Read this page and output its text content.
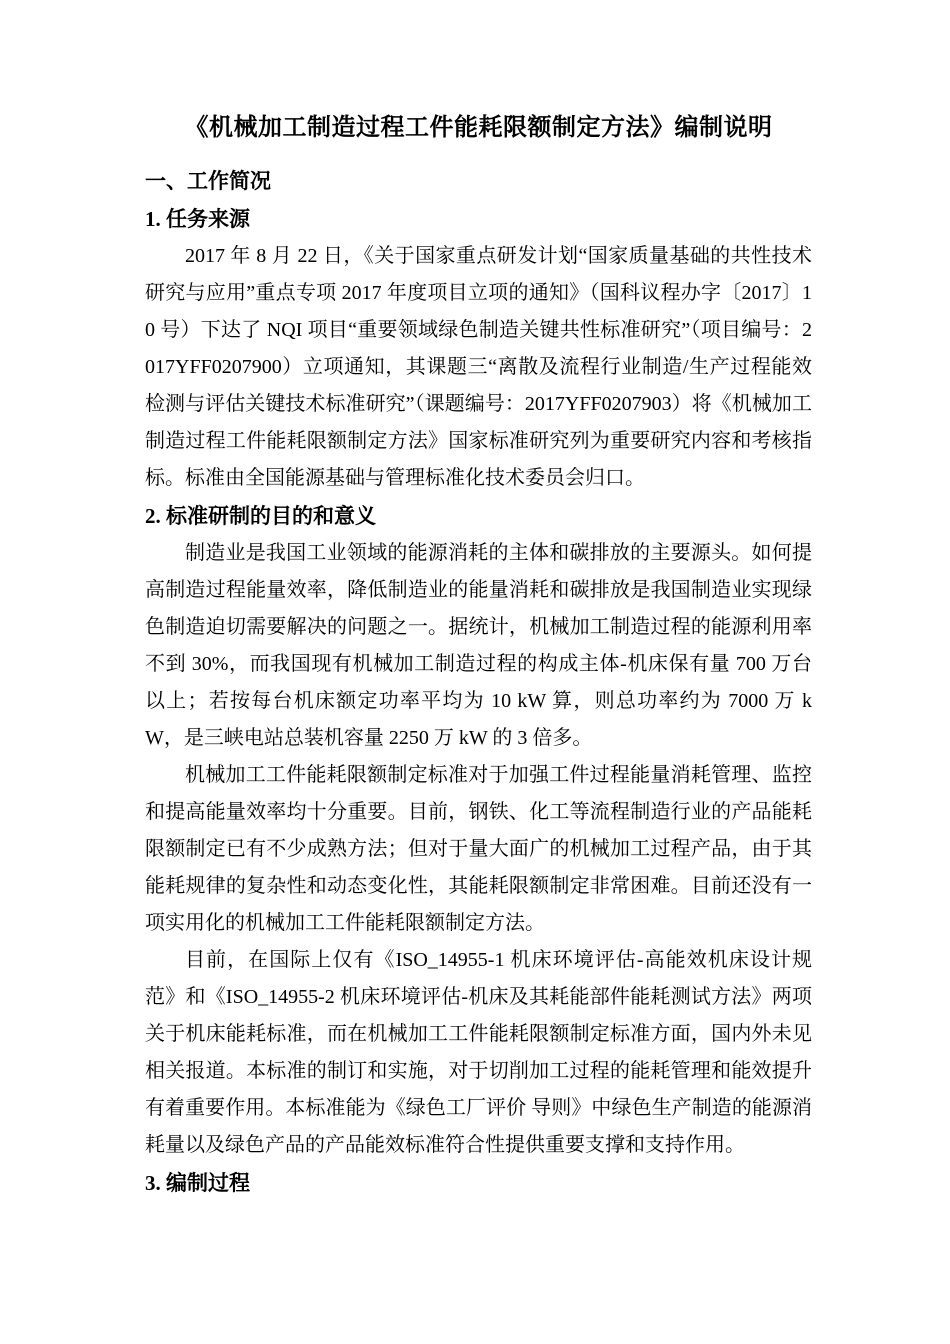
《机械加工制造过程工件能耗限额制定方法》编制说明
一、工作简况
1. 任务来源

2017 年 8 月 22 日，《关于国家重点研发计划“国家质量基础的共性技术研究与应用”重点专项 2017 年度项目立项的通知》（国科议程办字〔2017〕10 号）下达了 NQI 项目“重要领域绿色制造关键共性标准研究”（项目编号：2017YFF0207900）立项通知，其课题三“离散及流程行业制造/生产过程能效检测与评估关键技术标准研究”（课题编号：2017YFF0207903）将《机械加工制造过程工件能耗限额制定方法》国家标准研究列为重要研究内容和考核指标。标准由全国能源基础与管理标准化技术委员会归口。

2. 标准研制的目的和意义

制造业是我国工业领域的能源消耗的主体和碳排放的主要源头。如何提高制造过程能量效率，降低制造业的能量消耗和碳排放是我国制造业实现绿色制造迫切需要解决的问题之一。据统计，机械加工制造过程的能源利用率不到 30%，而我国现有机械加工制造过程的构成主体-机床保有量 700 万台以上；若按每台机床额定功率平均为 10 kW 算，则总功率约为 7000 万 kW，是三峡电站总装机容量 2250 万 kW 的 3 倍多。

机械加工工件能耗限额制定标准对于加强工件过程能量消耗管理、监控和提高能量效率均十分重要。目前，钢铁、化工等流程制造行业的产品能耗限额制定已有不少成熟方法；但对于量大面广的机械加工过程产品，由于其能耗规律的复杂性和动态变化性，其能耗限额制定非常困难。目前还没有一项实用化的机械加工工件能耗限额制定方法。

目前，在国际上仅有《ISO_14955-1 机床环境评估-高能效机床设计规范》和《ISO_14955-2 机床环境评估-机床及其耗能部件能耗测试方法》两项关于机床能耗标准，而在机械加工工件能耗限额制定标准方面，国内外未见相关报道。本标准的制订和实施，对于切削加工过程的能耗管理和能效提升有着重要作用。本标准能为《绿色工厂评价 导则》中绿色生产制造的能源消耗量以及绿色产品的产品能效标准符合性提供重要支撑和支持作用。

3. 编制过程
